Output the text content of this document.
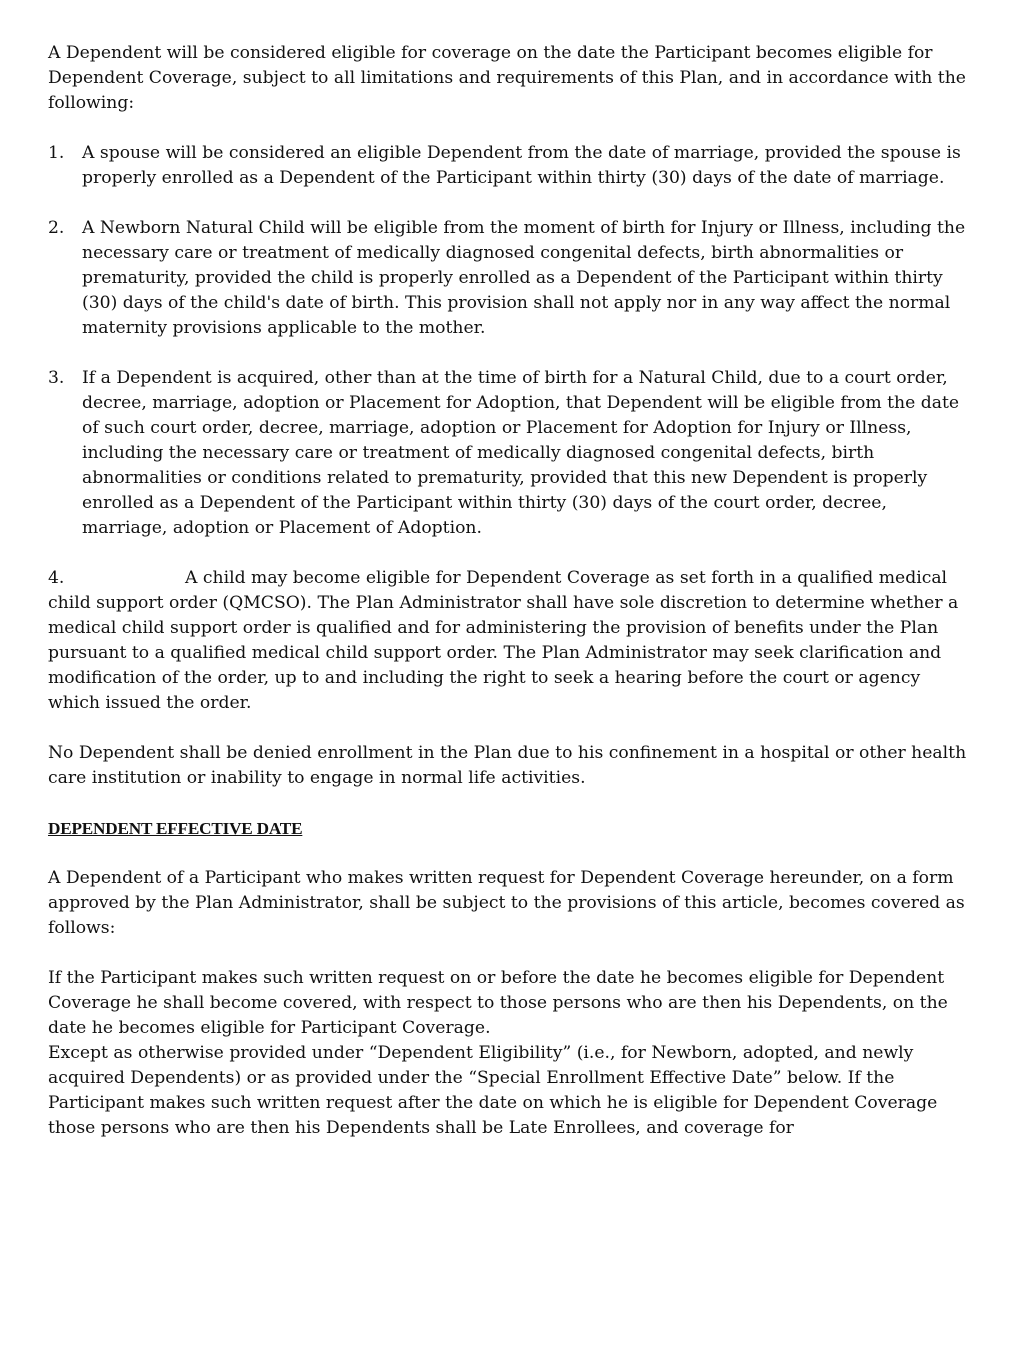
A Dependent will be considered eligible for coverage on the date the Participant becomes eligible for Dependent Coverage, subject to all limitations and requirements of this Plan, and in accordance with the following:

1.	A spouse will be considered an eligible Dependent from the date of marriage, provided the spouse is properly enrolled as a Dependent of the Participant within thirty (30) days of the date of marriage.
2.	A Newborn Natural Child will be eligible from the moment of birth for Injury or Illness, including the necessary care or treatment of medically diagnosed congenital defects, birth abnormalities or prematurity, provided the child is properly enrolled as a Dependent of the Participant within thirty (30) days of the child's date of birth. This provision shall not apply nor in any way affect the normal maternity provisions applicable to the mother.
3.	If a Dependent is acquired, other than at the time of birth for a Natural Child, due to a court order, decree, marriage, adoption or Placement for Adoption, that Dependent will be eligible from the date of such court order, decree, marriage, adoption or Placement for Adoption for Injury or Illness, including the necessary care or treatment of medically diagnosed congenital defects, birth abnormalities or conditions related to prematurity, provided that this new Dependent is properly enrolled as a Dependent of the Participant within thirty (30) days of the court order, decree, marriage, adoption or Placement of Adoption.

4.	A child may become eligible for Dependent Coverage as set forth in a qualified medical child support order (QMCSO). The Plan Administrator shall have sole discretion to determine whether a medical child support order is qualified and for administering the provision of benefits under the Plan pursuant to a qualified medical child support order. The Plan Administrator may seek clarification and modification of the order, up to and including the right to seek a hearing before the court or agency which issued the order.

No Dependent shall be denied enrollment in the Plan due to his confinement in a hospital or other health care institution or inability to engage in normal life activities.

DEPENDENT EFFECTIVE DATE

A Dependent of a Participant who makes written request for Dependent Coverage hereunder, on a form approved by the Plan Administrator, shall be subject to the provisions of this article, becomes covered as follows:

If the Participant makes such written request on or before the date he becomes eligible for Dependent Coverage he shall become covered, with respect to those persons who are then his Dependents, on the date he becomes eligible for Participant Coverage.

Except as otherwise provided under “Dependent Eligibility” (i.e., for Newborn, adopted, and newly acquired Dependents) or as provided under the “Special Enrollment Effective Date” below. If the Participant makes such written request after the date on which he is eligible for Dependent Coverage those persons who are then his Dependents shall be Late Enrollees, and coverage for
